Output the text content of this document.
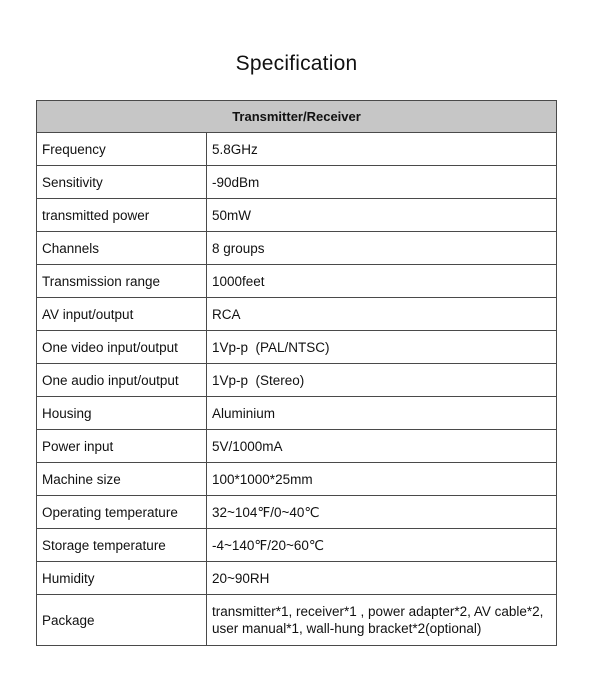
Specification
Transmitter/Receiver	
Frequency	5.8GHz
Sensitivity	-90dBm
transmitted power	50mW
Channels	8 groups
Transmission range	1000feet
AV input/output	RCA
One video input/output	1Vp-p  (PAL/NTSC)
One audio input/output	1Vp-p  (Stereo)
Housing	Aluminium
Power input	5V/1000mA
Machine size	100*1000*25mm
Operating temperature	32~104℉/0~40℃
Storage temperature	-4~140℉/20~60℃
Humidity	20~90RH
Package	transmitter*1, receiver*1 , power adapter*2, AV cable*2,
user manual*1, wall-hung bracket*2(optional)
